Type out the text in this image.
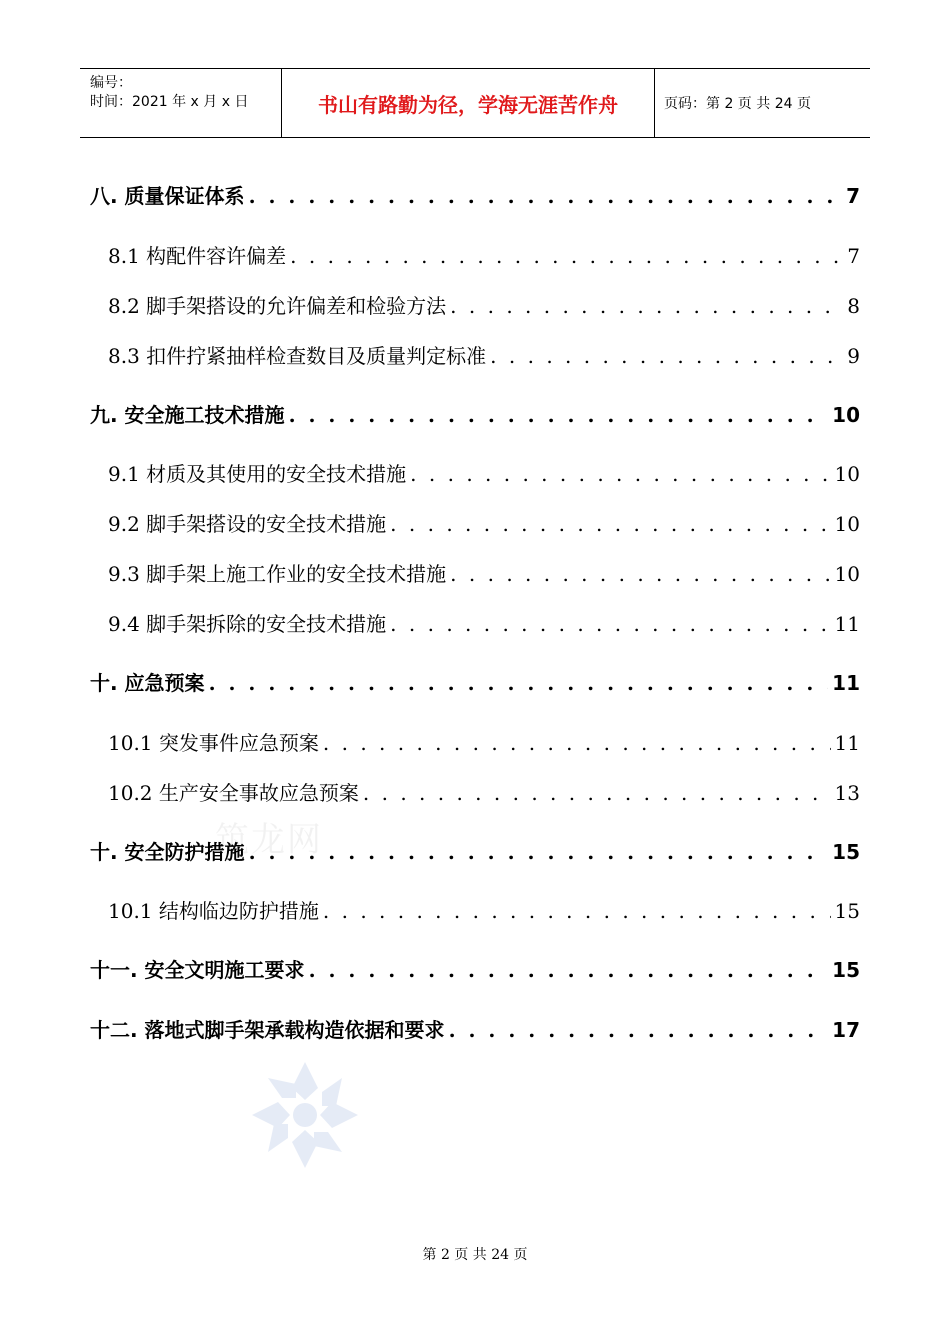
编号：
时间：2021 年 x 月 x 日	书山有路勤为径，学海无涯苦作舟	页码：第 2 页 共 24 页
筑龙网
八. 质量保证体系 . . .	7
8.1 构配件容许偏差 . . .	7
8.2 脚手架搭设的允许偏差和检验方法 . . .	8
8.3 扣件拧紧抽样检查数目及质量判定标准 . . .	9
九. 安全施工技术措施 . . .	10
9.1 材质及其使用的安全技术措施 . . .	10
9.2 脚手架搭设的安全技术措施 . . .	10
9.3 脚手架上施工作业的安全技术措施 . . .	10
9.4 脚手架拆除的安全技术措施 . . .	11
十. 应急预案 . . .	11
10.1 突发事件应急预案 . . .	11
10.2 生产安全事故应急预案 . . .	13
十. 安全防护措施 . . .	15
10.1 结构临边防护措施 . . .	15
十一. 安全文明施工要求 . . .	15
十二. 落地式脚手架承载构造依据和要求 . . .	17
第 2 页 共 24 页
